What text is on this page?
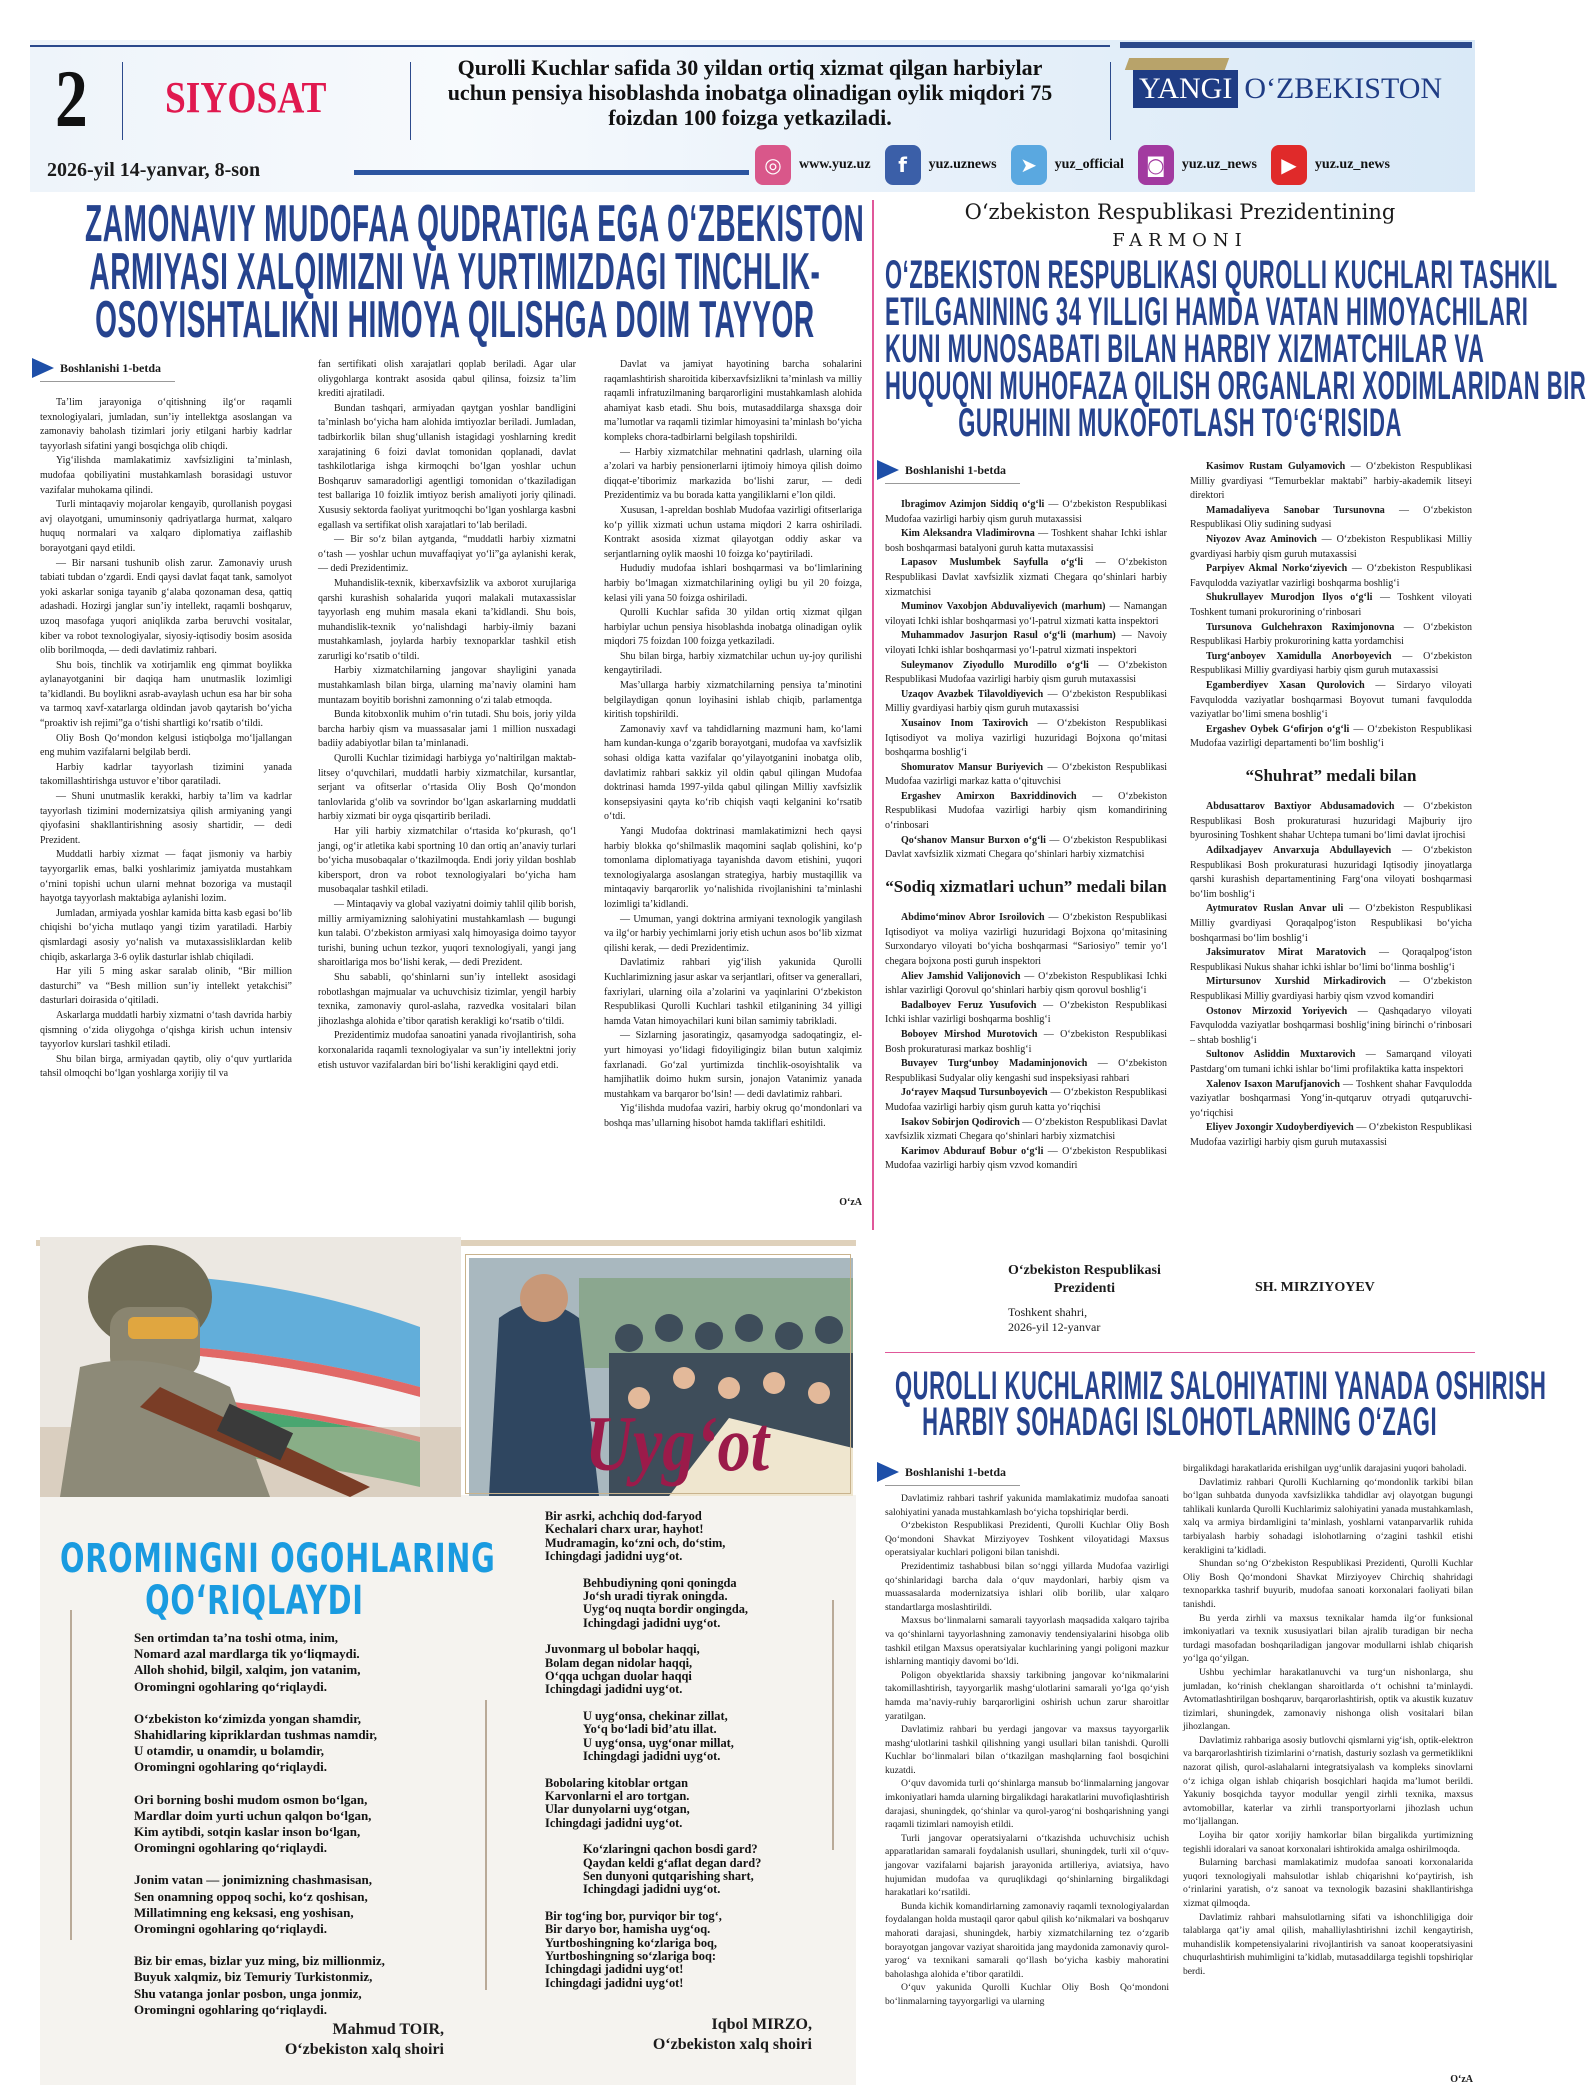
2 SIYOSAT
Qurolli Kuchlar safida 30 yildan ortiq xizmat qilgan harbiylar uchun pensiya hisoblashda inobatga olinadigan oylik miqdori 75 foizdan 100 foizga yetkaziladi.
YANGI O‘ZBEKISTON
2026-yil 14-yanvar, 8-son	◎	www.yuz.uz	f	yuz.uznews	➤	yuz_official	◙	yuz.uz_news	▶	yuz.uz_news
ZAMONAVIY MUDOFAA QUDRATIGA EGA O‘ZBEKISTON
ARMIYASI XALQIMIZNI VA YURTIMIZDAGI TINCHLIK-
OSOYISHTALIKNI HIMOYA QILISHGA DOIM TAYYOR
Boshlanishi 1-betda

Ta’lim jarayoniga o‘qitishning ilg‘or raqamli texnologiyalari, jumladan, sun’iy intellektga asoslangan va zamonaviy baholash tizimlari joriy etilgani harbiy kadrlar tayyorlash sifatini yangi bosqichga olib chiqdi.

Yig‘ilishda mamlakatimiz xavfsizligini ta’minlash, mudofaa qobiliyatini mustahkamlash borasidagi ustuvor vazifalar muhokama qilindi.

Turli mintaqaviy mojarolar kengayib, qurollanish poygasi avj olayotgani, umuminsoniy qadriyatlarga hurmat, xalqaro huquq normalari va xalqaro diplomatiya zaiflashib borayotgani qayd etildi.

— Bir narsani tushunib olish zarur. Zamonaviy urush tabiati tubdan o‘zgardi. Endi qaysi davlat faqat tank, samolyot yoki askarlar soniga tayanib g‘alaba qozonaman desa, qattiq adashadi. Hozirgi janglar sun’iy intellekt, raqamli boshqaruv, uzoq masofaga yuqori aniqlikda zarba beruvchi vositalar, kiber va robot texnologiyalar, siyosiy-iqtisodiy bosim asosida olib borilmoqda, — dedi davlatimiz rahbari.

Shu bois, tinchlik va xotirjamlik eng qimmat boylikka aylanayotganini bir daqiqa ham unutmaslik lozimligi ta’kidlandi. Bu boylikni asrab-avaylash uchun esa har bir soha va tarmoq xavf-xatarlarga oldindan javob qaytarish bo‘yicha “proaktiv ish rejimi”ga o‘tishi shartligi ko‘rsatib o‘tildi.

Oliy Bosh Qo‘mondon kelgusi istiqbolga mo‘ljallangan eng muhim vazifalarni belgilab berdi.

Harbiy kadrlar tayyorlash tizimini yanada takomillashtirishga ustuvor e’tibor qaratiladi.

— Shuni unutmaslik kerakki, harbiy ta’lim va kadrlar tayyorlash tizimini modernizatsiya qilish armiyaning yangi qiyofasini shakllantirishning asosiy shartidir, — dedi Prezident.

Muddatli harbiy xizmat — faqat jismoniy va harbiy tayyorgarlik emas, balki yoshlarimiz jamiyatda mustahkam o‘rnini topishi uchun ularni mehnat bozoriga va mustaqil hayotga tayyorlash maktabiga aylanishi lozim.

Jumladan, armiyada yoshlar kamida bitta kasb egasi bo‘lib chiqishi bo‘yicha mutlaqo yangi tizim yaratiladi. Harbiy qismlardagi asosiy yo‘nalish va mutaxassisliklardan kelib chiqib, askarlarga 3-6 oylik dasturlar ishlab chiqiladi.

Har yili 5 ming askar saralab olinib, “Bir million dasturchi” va “Besh million sun’iy intellekt yetakchisi” dasturlari doirasida o‘qitiladi.

Askarlarga muddatli harbiy xizmatni o‘tash davrida harbiy qismning o‘zida oliygohga o‘qishga kirish uchun intensiv tayyorlov kurslari tashkil etiladi.

Shu bilan birga, armiyadan qaytib, oliy o‘quv yurtlarida tahsil olmoqchi bo‘lgan yoshlarga xorijiy til va

fan sertifikati olish xarajatlari qoplab beriladi. Agar ular oliygohlarga kontrakt asosida qabul qilinsa, foizsiz ta’lim krediti ajratiladi.

Bundan tashqari, armiyadan qaytgan yoshlar bandligini ta’minlash bo‘yicha ham alohida imtiyozlar beriladi. Jumladan, tadbirkorlik bilan shug‘ullanish istagidagi yoshlarning kredit xarajatining 6 foizi davlat tomonidan qoplanadi, davlat tashkilotlariga ishga kirmoqchi bo‘lgan yoshlar uchun Boshqaruv samaradorligi agentligi tomonidan o‘tkaziladigan test ballariga 10 foizlik imtiyoz berish amaliyoti joriy qilinadi. Xususiy sektorda faoliyat yuritmoqchi bo‘lgan yoshlarga kasbni egallash va sertifikat olish xarajatlari to‘lab beriladi.

— Bir so‘z bilan aytganda, “muddatli harbiy xizmatni o‘tash — yoshlar uchun muvaffaqiyat yo‘li”ga aylanishi kerak, — dedi Prezidentimiz.

Muhandislik-texnik, kiberxavfsizlik va axborot xurujlariga qarshi kurashish sohalarida yuqori malakali mutaxassislar tayyorlash eng muhim masala ekani ta’kidlandi. Shu bois, muhandislik-texnik yo‘nalishdagi harbiy-ilmiy bazani mustahkamlash, joylarda harbiy texnoparklar tashkil etish zarurligi ko‘rsatib o‘tildi.

Harbiy xizmatchilarning jangovar shayligini yanada mustahkamlash bilan birga, ularning ma’naviy olamini ham muntazam boyitib borishni zamonning o‘zi talab etmoqda.

Bunda kitobxonlik muhim o‘rin tutadi. Shu bois, joriy yilda barcha harbiy qism va muassasalar jami 1 million nusxadagi badiiy adabiyotlar bilan ta’minlanadi.

Qurolli Kuchlar tizimidagi harbiyga yo‘naltirilgan maktab-litsey o‘quvchilari, muddatli harbiy xizmatchilar, kursantlar, serjant va ofitserlar o‘rtasida Oliy Bosh Qo‘mondon tanlovlarida g‘olib va sovrindor bo‘lgan askarlarning muddatli harbiy xizmati bir oyga qisqartirib beriladi.

Har yili harbiy xizmatchilar o‘rtasida ko‘pkurash, qo‘l jangi, og‘ir atletika kabi sportning 10 dan ortiq an’anaviy turlari bo‘yicha musobaqalar o‘tkazilmoqda. Endi joriy yildan boshlab kibersport, dron va robot texnologiyalari bo‘yicha ham musobaqalar tashkil etiladi.

— Mintaqaviy va global vaziyatni doimiy tahlil qilib borish, milliy armiyamizning salohiyatini mustahkamlash — bugungi kun talabi. O‘zbekiston armiyasi xalq himoyasiga doimo tayyor turishi, buning uchun tezkor, yuqori texnologiyali, yangi jang sharoitlariga mos bo‘lishi kerak, — dedi Prezident.

Shu sababli, qo‘shinlarni sun’iy intellekt asosidagi robotlashgan majmualar va uchuvchisiz tizimlar, yengil harbiy texnika, zamonaviy qurol-aslaha, razvedka vositalari bilan jihozlashga alohida e’tibor qaratish kerakligi ko‘rsatib o‘tildi.

Prezidentimiz mudofaa sanoatini yanada rivojlantirish, soha korxonalarida raqamli texnologiyalar va sun’iy intellektni joriy etish ustuvor vazifalardan biri bo‘lishi kerakligini qayd etdi.

Davlat va jamiyat hayotining barcha sohalarini raqamlashtirish sharoitida kiberxavfsizlikni ta’minlash va milliy raqamli infratuzilmaning barqarorligini mustahkamlash alohida ahamiyat kasb etadi. Shu bois, mutasaddilarga shaxsga doir ma’lumotlar va raqamli tizimlar himoyasini ta’minlash bo‘yicha kompleks chora-tadbirlarni belgilash topshirildi.

— Harbiy xizmatchilar mehnatini qadrlash, ularning oila a’zolari va harbiy pensionerlarni ijtimoiy himoya qilish doimo diqqat-e’tiborimiz markazida bo‘lishi zarur, — dedi Prezidentimiz va bu borada katta yangiliklarni e’lon qildi.

Xususan, 1-apreldan boshlab Mudofaa vazirligi ofitserlariga ko‘p yillik xizmati uchun ustama miqdori 2 karra oshiriladi. Kontrakt asosida xizmat qilayotgan oddiy askar va serjantlarning oylik maoshi 10 foizga ko‘paytiriladi.

Hududiy mudofaa ishlari boshqarmasi va bo‘limlarining harbiy bo‘lmagan xizmatchilarining oyligi bu yil 20 foizga, kelasi yili yana 50 foizga oshiriladi.

Qurolli Kuchlar safida 30 yildan ortiq xizmat qilgan harbiylar uchun pensiya hisoblashda inobatga olinadigan oylik miqdori 75 foizdan 100 foizga yetkaziladi.

Shu bilan birga, harbiy xizmatchilar uchun uy-joy qurilishi kengaytiriladi.

Mas’ullarga harbiy xizmatchilarning pensiya ta’minotini belgilaydigan qonun loyihasini ishlab chiqib, parlamentga kiritish topshirildi.

Zamonaviy xavf va tahdidlarning mazmuni ham, ko‘lami ham kundan-kunga o‘zgarib borayotgani, mudofaa va xavfsizlik sohasi oldiga katta vazifalar qo‘yilayotganini inobatga olib, davlatimiz rahbari sakkiz yil oldin qabul qilingan Mudofaa doktrinasi hamda 1997-yilda qabul qilingan Milliy xavfsizlik konsepsiyasini qayta ko‘rib chiqish vaqti kelganini ko‘rsatib o‘tdi.

Yangi Mudofaa doktrinasi mamlakatimizni hech qaysi harbiy blokka qo‘shilmaslik maqomini saqlab qolishini, ko‘p tomonlama diplomatiyaga tayanishda davom etishini, yuqori texnologiyalarga asoslangan strategiya, harbiy mustaqillik va mintaqaviy barqarorlik yo‘nalishida rivojlanishini ta’minlashi lozimligi ta’kidlandi.

— Umuman, yangi doktrina armiyani texnologik yangilash va ilg‘or harbiy yechimlarni joriy etish uchun asos bo‘lib xizmat qilishi kerak, — dedi Prezidentimiz.

Davlatimiz rahbari yig‘ilish yakunida Qurolli Kuchlarimizning jasur askar va serjantlari, ofitser va generallari, faxriylari, ularning oila a’zolarini va yaqinlarini O‘zbekiston Respublikasi Qurolli Kuchlari tashkil etilganining 34 yilligi hamda Vatan himoyachilari kuni bilan samimiy tabrikladi.

— Sizlarning jasoratingiz, qasamyodga sadoqatingiz, el-yurt himoyasi yo‘lidagi fidoyiligingiz bilan butun xalqimiz faxrlanadi. Go‘zal yurtimizda tinchlik-osoyishtalik va hamjihatlik doimo hukm sursin, jonajon Vatanimiz yanada mustahkam va barqaror bo‘lsin! — dedi davlatimiz rahbari.

Yig‘ilishda mudofaa vaziri, harbiy okrug qo‘mondonlari va boshqa mas’ullarning hisobot hamda takliflari eshitildi.

O‘zA
O‘zbekiston Respublikasi Prezidentining
FARMONI
O‘ZBEKISTON RESPUBLIKASI QUROLLI KUCHLARI TASHKIL
ETILGANINING 34 YILLIGI HAMDA VATAN HIMOYACHILARI
KUNI MUNOSABATI BILAN HARBIY XIZMATCHILAR VA
HUQUQNI MUHOFAZA QILISH ORGANLARI XODIMLARIDAN BIR
GURUHINI MUKOFOTLASH TO‘G‘RISIDA
Boshlanishi 1-betda

Ibragimov Azimjon Siddiq o‘g‘li — O‘zbekiston Respublikasi Mudofaa vazirligi harbiy qism guruh mutaxassisi

Kim Aleksandra Vladimirovna — Toshkent shahar Ichki ishlar bosh boshqarmasi batalyoni guruh katta mutaxassisi

Lapasov Muslumbek Sayfulla o‘g‘li — O‘zbekiston Respublikasi Davlat xavfsizlik xizmati Chegara qo‘shinlari harbiy xizmatchisi

Muminov Vaxobjon Abduvaliyevich (marhum) — Namangan viloyati Ichki ishlar boshqarmasi yo‘l-patrul xizmati katta inspektori

Muhammadov Jasurjon Rasul o‘g‘li (marhum) — Navoiy viloyati Ichki ishlar boshqarmasi yo‘l-patrul xizmati inspektori

Suleymanov Ziyodullo Murodillo o‘g‘li — O‘zbekiston Respublikasi Mudofaa vazirligi harbiy qism guruh mutaxassisi

Uzaqov Avazbek Tilavoldiyevich — O‘zbekiston Respublikasi Milliy gvardiyasi harbiy qism guruh mutaxassisi

Xusainov Inom Taxirovich — O‘zbekiston Respublikasi Iqtisodiyot va moliya vazirligi huzuridagi Bojxona qo‘mitasi boshqarma boshlig‘i

Shomuratov Mansur Buriyevich — O‘zbekiston Respublikasi Mudofaa vazirligi markaz katta o‘qituvchisi

Ergashev Amirxon Baxriddinovich — O‘zbekiston Respublikasi Mudofaa vazirligi harbiy qism komandirining o‘rinbosari

Qo‘shanov Mansur Burxon o‘g‘li — O‘zbekiston Respublikasi Davlat xavfsizlik xizmati Chegara qo‘shinlari harbiy xizmatchisi

“Sodiq xizmatlari uchun” medali bilan

Abdimo‘minov Abror Isroilovich — O‘zbekiston Respublikasi Iqtisodiyot va moliya vazirligi huzuridagi Bojxona qo‘mitasining Surxondaryo viloyati bo‘yicha boshqarmasi “Sariosiyo” temir yo‘l chegara bojxona posti guruh inspektori

Aliev Jamshid Valijonovich — O‘zbekiston Respublikasi Ichki ishlar vazirligi Qorovul qo‘shinlari harbiy qism qorovul boshlig‘i

Badalboyev Feruz Yusufovich — O‘zbekiston Respublikasi Ichki ishlar vazirligi boshqarma boshlig‘i

Boboyev Mirshod Murotovich — O‘zbekiston Respublikasi Bosh prokuraturasi markaz boshlig‘i

Buvayev Turg‘unboy Madaminjonovich — O‘zbekiston Respublikasi Sudyalar oliy kengashi sud inspeksiyasi rahbari

Jo‘rayev Maqsud Tursunboyevich — O‘zbekiston Respublikasi Mudofaa vazirligi harbiy qism guruh katta yo‘riqchisi

Isakov Sobirjon Qodirovich — O‘zbekiston Respublikasi Davlat xavfsizlik xizmati Chegara qo‘shinlari harbiy xizmatchisi

Karimov Abdurauf Bobur o‘g‘li — O‘zbekiston Respublikasi Mudofaa vazirligi harbiy qism vzvod komandiri

Kasimov Rustam Gulyamovich — O‘zbekiston Respublikasi Milliy gvardiyasi “Temurbeklar maktabi” harbiy-akademik litseyi direktori

Mamadaliyeva Sanobar Tursunovna — O‘zbekiston Respublikasi Oliy sudining sudyasi

Niyozov Avaz Aminovich — O‘zbekiston Respublikasi Milliy gvardiyasi harbiy qism guruh mutaxassisi

Parpiyev Akmal Norko‘ziyevich — O‘zbekiston Respublikasi Favqulodda vaziyatlar vazirligi boshqarma boshlig‘i

Shukrullayev Murodjon Ilyos o‘g‘li — Toshkent viloyati Toshkent tumani prokurorining o‘rinbosari

Tursunova Gulchehraxon Raximjonovna — O‘zbekiston Respublikasi Harbiy prokurorining katta yordamchisi

Turg‘anboyev Xamidulla Anorboyevich — O‘zbekiston Respublikasi Milliy gvardiyasi harbiy qism guruh mutaxassisi

Egamberdiyev Xasan Qurolovich — Sirdaryo viloyati Favqulodda vaziyatlar boshqarmasi Boyovut tumani favqulodda vaziyatlar bo‘limi smena boshlig‘i

Ergashev Oybek G‘ofirjon o‘g‘li — O‘zbekiston Respublikasi Mudofaa vazirligi departamenti bo‘lim boshlig‘i

“Shuhrat” medali bilan

Abdusattarov Baxtiyor Abdusamadovich — O‘zbekiston Respublikasi Bosh prokuraturasi huzuridagi Majburiy ijro byurosining Toshkent shahar Uchtepa tumani bo‘limi davlat ijrochisi

Adilxadjayev Anvarxuja Abdullayevich — O‘zbekiston Respublikasi Bosh prokuraturasi huzuridagi Iqtisodiy jinoyatlarga qarshi kurashish departamentining Farg‘ona viloyati boshqarmasi bo‘lim boshlig‘i

Aytmuratov Ruslan Anvar uli — O‘zbekiston Respublikasi Milliy gvardiyasi Qoraqalpog‘iston Respublikasi bo‘yicha boshqarmasi bo‘lim boshlig‘i

Jaksimuratov Mirat Maratovich — Qoraqalpog‘iston Respublikasi Nukus shahar ichki ishlar bo‘limi bo‘linma boshlig‘i

Mirtursunov Xurshid Mirkadirovich — O‘zbekiston Respublikasi Milliy gvardiyasi harbiy qism vzvod komandiri

Ostonov Mirzoxid Yoriyevich — Qashqadaryo viloyati Favqulodda vaziyatlar boshqarmasi boshlig‘ining birinchi o‘rinbosari – shtab boshlig‘i

Sultonov Asliddin Muxtarovich — Samarqand viloyati Pastdarg‘om tumani ichki ishlar bo‘limi profilaktika katta inspektori

Xalenov Isaxon Marufjanovich — Toshkent shahar Favqulodda vaziyatlar boshqarmasi Yong‘in-qutqaruv otryadi qutqaruvchi-yo‘riqchisi

Eliyev Joxongir Xudoyberdiyevich — O‘zbekiston Respublikasi Mudofaa vazirligi harbiy qism guruh mutaxassisi

O‘zbekiston Respublikasi
Prezidenti	SH. MIRZIYOYEV
Toshkent shahri,
2026-yil 12-yanvar
QUROLLI KUCHLARIMIZ SALOHIYATINI YANADA OSHIRISH
HARBIY SOHADAGI ISLOHOTLARNING O‘ZAGI
Boshlanishi 1-betda

Davlatimiz rahbari tashrif yakunida mamlakatimiz mudofaa sanoati salohiyatini yanada mustahkamlash bo‘yicha topshiriqlar berdi.

O‘zbekiston Respublikasi Prezidenti, Qurolli Kuchlar Oliy Bosh Qo‘mondoni Shavkat Mirziyoyev Toshkent viloyatidagi Maxsus operatsiyalar kuchlari poligoni bilan tanishdi.

Prezidentimiz tashabbusi bilan so‘nggi yillarda Mudofaa vazirligi qo‘shinlaridagi barcha dala o‘quv maydonlari, harbiy qism va muassasalarda modernizatsiya ishlari olib borilib, ular xalqaro standartlarga moslashtirildi.

Maxsus bo‘linmalarni samarali tayyorlash maqsadida xalqaro tajriba va qo‘shinlarni tayyorlashning zamonaviy tendensiyalarini hisobga olib tashkil etilgan Maxsus operatsiyalar kuchlarining yangi poligoni mazkur ishlarning mantiqiy davomi bo‘ldi.

Poligon obyektlarida shaxsiy tarkibning jangovar ko‘nikmalarini takomillashtirish, tayyorgarlik mashg‘ulotlarini samarali yo‘lga qo‘yish hamda ma’naviy-ruhiy barqarorligini oshirish uchun zarur sharoitlar yaratilgan.

Davlatimiz rahbari bu yerdagi jangovar va maxsus tayyorgarlik mashg‘ulotlarini tashkil qilishning yangi usullari bilan tanishdi. Qurolli Kuchlar bo‘linmalari bilan o‘tkazilgan mashqlarning faol bosqichini kuzatdi.

O‘quv davomida turli qo‘shinlarga mansub bo‘linmalarning jangovar imkoniyatlari hamda ularning birgalikdagi harakatlarini muvofiqlashtirish darajasi, shuningdek, qo‘shinlar va qurol-yarog‘ni boshqarishning yangi raqamli tizimlari namoyish etildi.

Turli jangovar operatsiyalarni o‘tkazishda uchuvchisiz uchish apparatlaridan samarali foydalanish usullari, shuningdek, turli xil o‘quv-jangovar vazifalarni bajarish jarayonida artilleriya, aviatsiya, havo hujumidan mudofaa va quruqlikdagi qo‘shinlarning birgalikdagi harakatlari ko‘rsatildi.

Bunda kichik komandirlarning zamonaviy raqamli texnologiyalardan foydalangan holda mustaqil qaror qabul qilish ko‘nikmalari va boshqaruv mahorati darajasi, shuningdek, harbiy xizmatchilarning tez o‘zgarib borayotgan jangovar vaziyat sharoitida jang maydonida zamonaviy qurol-yarog‘ va texnikani samarali qo‘llash bo‘yicha kasbiy mahoratini baholashga alohida e’tibor qaratildi.

O‘quv yakunida Qurolli Kuchlar Oliy Bosh Qo‘mondoni bo‘linmalarning tayyorgarligi va ularning

birgalikdagi harakatlarida erishilgan uyg‘unlik darajasini yuqori baholadi.

Davlatimiz rahbari Qurolli Kuchlarning qo‘mondonlik tarkibi bilan bo‘lgan suhbatda dunyoda xavfsizlikka tahdidlar avj olayotgan bugungi tahlikali kunlarda Qurolli Kuchlarimiz salohiyatini yanada mustahkamlash, xalq va armiya birdamligini ta’minlash, yoshlarni vatanparvarlik ruhida tarbiyalash harbiy sohadagi islohotlarning o‘zagini tashkil etishi kerakligini ta’kidladi.

Shundan so‘ng O‘zbekiston Respublikasi Prezidenti, Qurolli Kuchlar Oliy Bosh Qo‘mondoni Shavkat Mirziyoyev Chirchiq shahridagi texnoparkka tashrif buyurib, mudofaa sanoati korxonalari faoliyati bilan tanishdi.

Bu yerda zirhli va maxsus texnikalar hamda ilg‘or funksional imkoniyatlari va texnik xususiyatlari bilan ajralib turadigan bir necha turdagi masofadan boshqariladigan jangovar modullarni ishlab chiqarish yo‘lga qo‘yilgan.

Ushbu yechimlar harakatlanuvchi va turg‘un nishonlarga, shu jumladan, ko‘rinish cheklangan sharoitlarda o‘t ochishni ta’minlaydi. Avtomatlashtirilgan boshqaruv, barqarorlashtirish, optik va akustik kuzatuv tizimlari, shuningdek, zamonaviy nishonga olish vositalari bilan jihozlangan.

Davlatimiz rahbariga asosiy butlovchi qismlarni yig‘ish, optik-elektron va barqarorlashtirish tizimlarini o‘rnatish, dasturiy sozlash va germetiklikni nazorat qilish, qurol-aslahalarni integratsiyalash va kompleks sinovlarni o‘z ichiga olgan ishlab chiqarish bosqichlari haqida ma’lumot berildi. Yakuniy bosqichda tayyor modullar yengil zirhli texnika, maxsus avtomobillar, katerlar va zirhli transportyorlarni jihozlash uchun mo‘ljallangan.

Loyiha bir qator xorijiy hamkorlar bilan birgalikda yurtimizning tegishli idoralari va sanoat korxonalari ishtirokida amalga oshirilmoqda.

Bularning barchasi mamlakatimiz mudofaa sanoati korxonalarida yuqori texnologiyali mahsulotlar ishlab chiqarishni ko‘paytirish, ish o‘rinlarini yaratish, o‘z sanoat va texnologik bazasini shakllantirishga xizmat qilmoqda.

Davlatimiz rahbari mahsulotlarning sifati va ishonchliligiga doir talablarga qat’iy amal qilish, mahalliylashtirishni izchil kengaytirish, muhandislik kompetensiyalarini rivojlantirish va sanoat kooperatsiyasini chuqurlashtirish muhimligini ta’kidlab, mutasaddilarga tegishli topshiriqlar berdi.

O‘zA
Uyg‘ot
OROMINGNI OGOHLARING
QO‘RIQLAYDI
Sen ortimdan ta’na toshi otma, inim,
Nomard azal mardlarga tik yo‘liqmaydi.
Alloh shohid, bilgil, xalqim, jon vatanim,
Oromingni ogohlaring qo‘riqlaydi.
O‘zbekiston ko‘zimizda yongan shamdir,
Shahidlaring kipriklardan tushmas namdir,
U otamdir, u onamdir, u bolamdir,
Oromingni ogohlaring qo‘riqlaydi.
Ori borning boshi mudom osmon bo‘lgan,
Mardlar doim yurti uchun qalqon bo‘lgan,
Kim aytibdi, sotqin kaslar inson bo‘lgan,
Oromingni ogohlaring qo‘riqlaydi.
Jonim vatan — jonimizning chashmasisan,
Sen onamning oppoq sochi, ko‘z qoshisan,
Millatimning eng keksasi, eng yoshisan,
Oromingni ogohlaring qo‘riqlaydi.
Biz bir emas, bizlar yuz ming, biz millionmiz,
Buyuk xalqmiz, biz Temuriy Turkistonmiz,
Shu vatanga jonlar posbon, unga jonmiz,
Oromingni ogohlaring qo‘riqlaydi.
Mahmud TOIR,
O‘zbekiston xalq shoiri
Bir asrki, achchiq dod-faryod
Kechalari charx urar, hayhot!
Mudramagin, ko‘zni och, do‘stim,
Ichingdagi jadidni uyg‘ot.
Behbudiyning qoni qoningda
Jo‘sh uradi tiyrak oningda.
Uyg‘oq nuqta bordir ongingda,
Ichingdagi jadidni uyg‘ot.
Juvonmarg ul bobolar haqqi,
Bolam degan nidolar haqqi,
O‘qqa uchgan duolar haqqi
Ichingdagi jadidni uyg‘ot.
U uyg‘onsa, chekinar zillat,
Yo‘q bo‘ladi bid’atu illat.
U uyg‘onsa, uyg‘onar millat,
Ichingdagi jadidni uyg‘ot.
Bobolaring kitoblar ortgan
Karvonlarni el aro tortgan.
Ular dunyolarni uyg‘otgan,
Ichingdagi jadidni uyg‘ot.
Ko‘zlaringni qachon bosdi gard?
Qaydan keldi g‘aflat degan dard?
Sen dunyoni qutqarishing shart,
Ichingdagi jadidni uyg‘ot.
Bir tog‘ing bor, purviqor bir tog‘,
Bir daryo bor, hamisha uyg‘oq.
Yurtboshingning ko‘zlariga boq,
Yurtboshingning so‘zlariga boq:
Ichingdagi jadidni uyg‘ot!
Ichingdagi jadidni uyg‘ot!
Iqbol MIRZO,
O‘zbekiston xalq shoiri
